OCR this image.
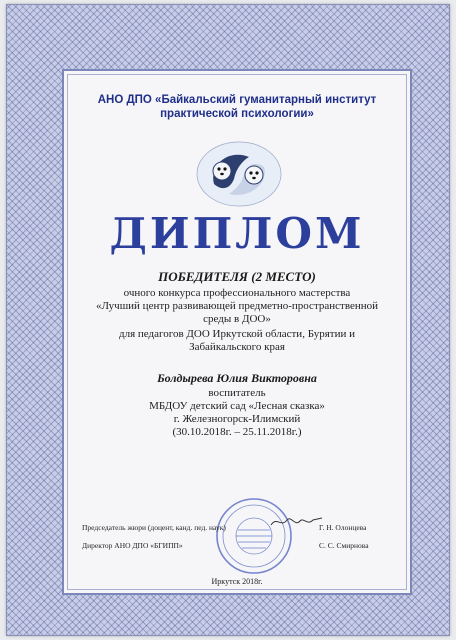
АНО ДПО «Байкальский гуманитарный институт
практической психологии»
ДИПЛОМ
ПОБЕДИТЕЛЯ (2 МЕСТО)
очного конкурса профессионального мастерства
«Лучший центр развивающей предметно-пространственной
среды в ДОО»
для педагогов ДОО Иркутской области, Бурятии и
Забайкальского края
Болдырева Юлия Викторовна
воспитатель
МБДОУ детский сад «Лесная сказка»
г. Железногорск-Илимский
(30.10.2018г. – 25.11.2018г.)
Председатель жюри (доцент, канд. пед. наук)	Г. Н. Олонцева
Директор АНО ДПО «БГИПП»	С. С. Смирнова
Иркутск 2018г.
